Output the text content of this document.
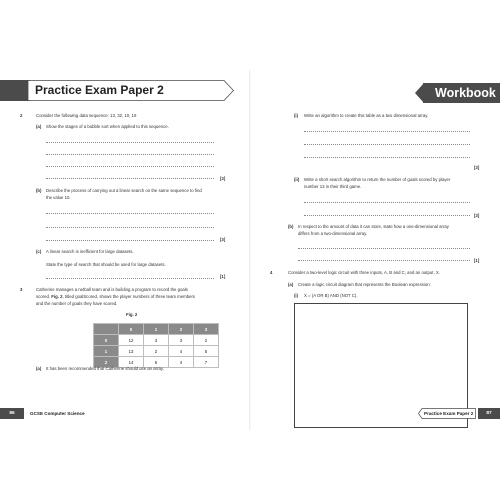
Practice Exam Paper 2
2	Consider the following data sequence: 13, 32, 10, 19
(a) Show the stages of a bubble sort when applied to this sequence.
[3]
(b) Describe the process of carrying out a linear search on the same sequence to find
the value 10.
[3]
(c) A linear search is inefficient for large datasets.
State the type of search that should be used for large datasets.
[1]
3	Catherine manages a netball team and is building a program to record the goals
scored. Fig. 2, titled goalScored, shows the player numbers of three team members
and the number of goals they have scored.
Fig. 2
	0	1	2	3
0	12	3	3	2
1	13	2	4	5
2	14	6	4	7
(a) It has been recommended that Catherine should use an array.
86	GCSE Computer Science
Workbook
(i) Write an algorithm to create this table as a two dimensional array.
[3]
(ii) Write a short search algorithm to return the number of goals scored by player
number 13 in their third game.
[3]
(b) In respect to the amount of data it can store, state how a one-dimensional array
differs from a two-dimensional array.
[1]
4	Consider a two-level logic circuit with three inputs, A, B and C, and an output, X.
(a) Create a logic circuit diagram that represents the Boolean expression:
(i) X = (A OR B) AND (NOT C).
Practice Exam Paper 2	87
